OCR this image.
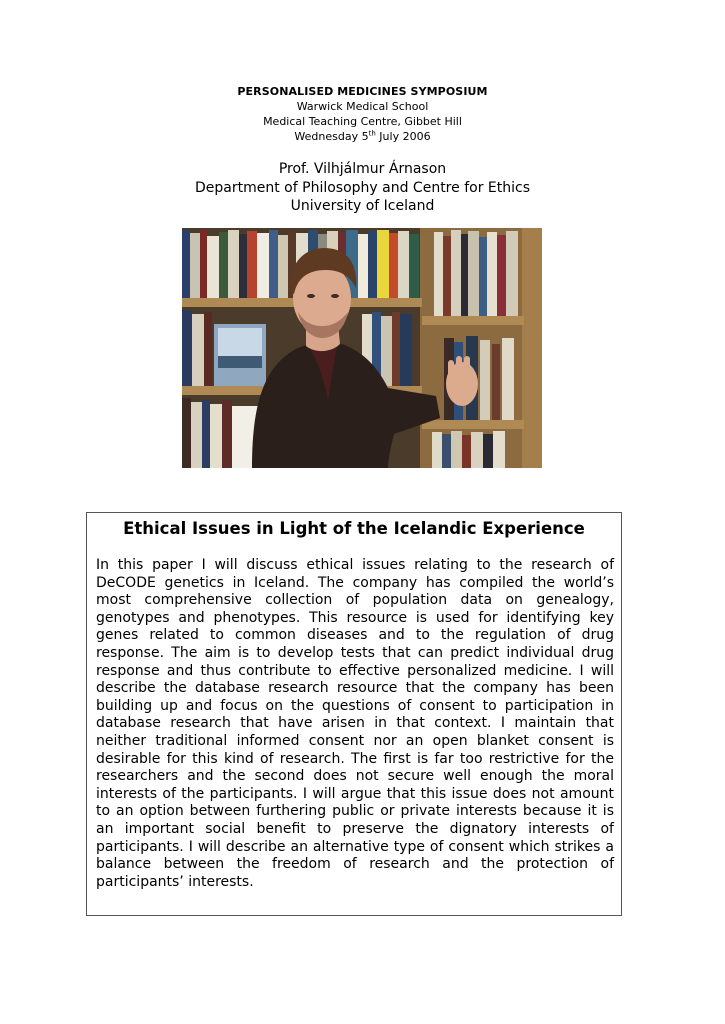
PERSONALISED MEDICINES SYMPOSIUM
Warwick Medical School
Medical Teaching Centre, Gibbet Hill
Wednesday 5th July 2006
Prof. Vilhjálmur Árnason
Department of Philosophy and Centre for Ethics
University of Iceland
Ethical Issues in Light of the Icelandic Experience

In this paper I will discuss ethical issues relating to the research of DeCODE genetics in Iceland. The company has compiled the world’s most comprehensive collection of population data on genealogy, genotypes and phenotypes. This resource is used for identifying key genes related to common diseases and to the regulation of drug response. The aim is to develop tests that can predict individual drug response and thus contribute to effective personalized medicine. I will describe the database research resource that the company has been building up and focus on the questions of consent to participation in database research that have arisen in that context. I maintain that neither traditional informed consent nor an open blanket consent is desirable for this kind of research. The first is far too restrictive for the researchers and the second does not secure well enough the moral interests of the participants. I will argue that this issue does not amount to an option between furthering public or private interests because it is an important social benefit to preserve the dignatory interests of participants. I will describe an alternative type of consent which strikes a balance between the freedom of research and the protection of participants’ interests.
